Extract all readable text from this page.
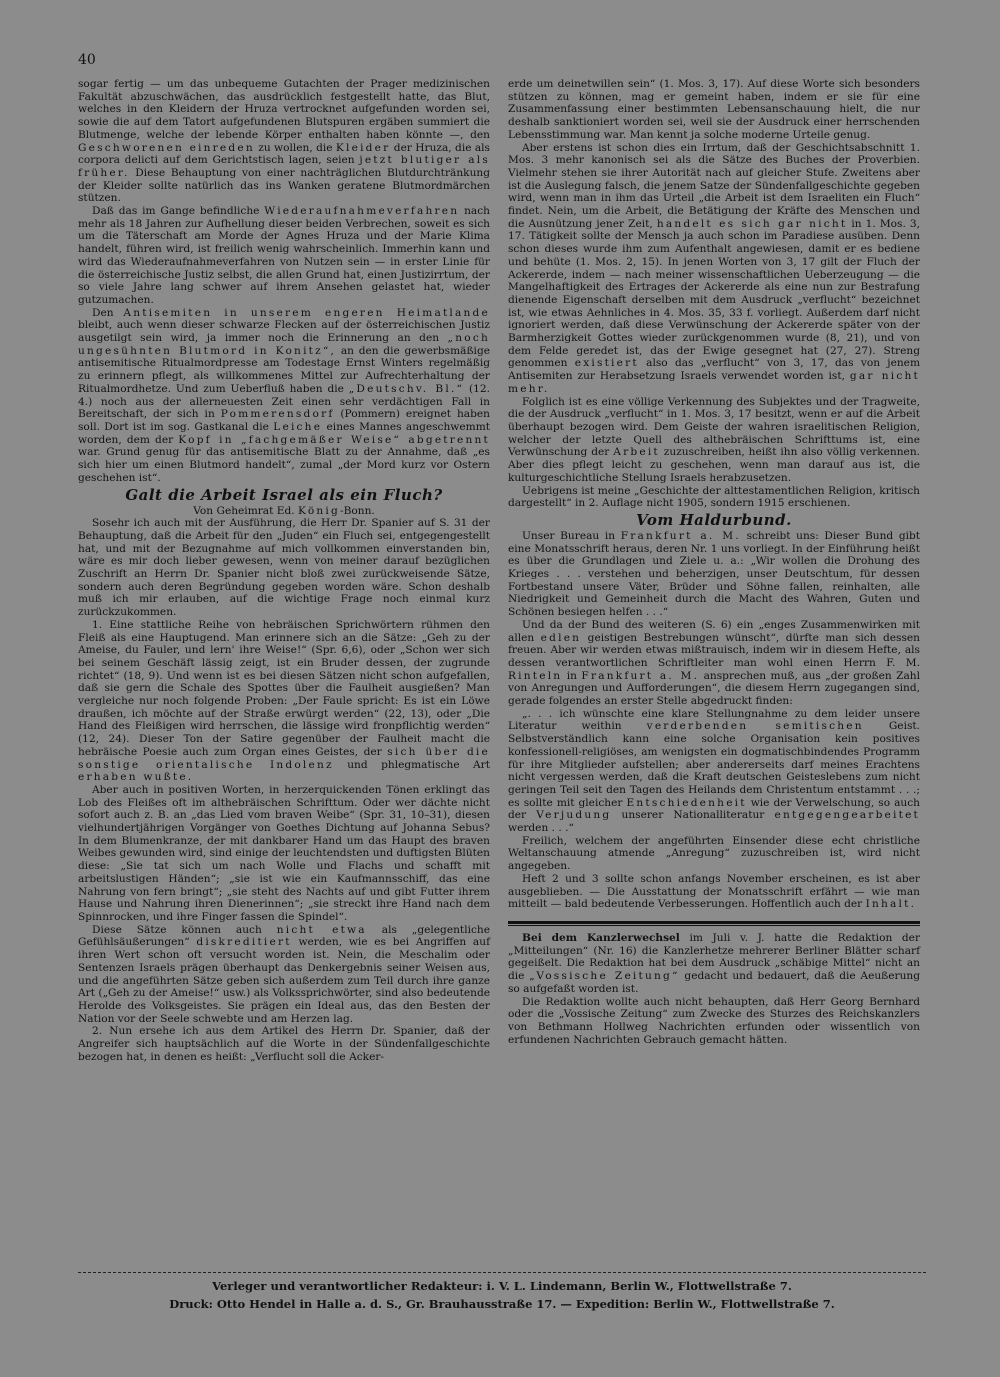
40

sogar fertig — um das unbequeme Gutachten der Prager medizinischen Fakultät abzuschwächen, das ausdrücklich festgestellt hatte, das Blut, welches in den Kleidern der Hruza vertrocknet aufgefunden worden sei, sowie die auf dem Tatort aufgefundenen Blutspuren ergäben summiert die Blutmenge, welche der lebende Körper enthalten haben könnte —, den Geschworenen einreden zu wollen, die Kleider der Hruza, die als corpora delicti auf dem Gerichtstisch lagen, seien jetzt blutiger als früher. Diese Behauptung von einer nachträglichen Blutdurchtränkung der Kleider sollte natürlich das ins Wanken geratene Blutmordmärchen stützen.

Daß das im Gange befindliche Wiederaufnahmeverfahren nach mehr als 18 Jahren zur Aufhellung dieser beiden Verbrechen, soweit es sich um die Täterschaft am Morde der Agnes Hruza und der Marie Klima handelt, führen wird, ist freilich wenig wahrscheinlich. Immerhin kann und wird das Wiederaufnahmeverfahren von Nutzen sein — in erster Linie für die österreichische Justiz selbst, die allen Grund hat, einen Justizirrtum, der so viele Jahre lang schwer auf ihrem Ansehen gelastet hat, wieder gutzumachen.

Den Antisemiten in unserem engeren Heimatlande bleibt, auch wenn dieser schwarze Flecken auf der österreichischen Justiz ausgetilgt sein wird, ja immer noch die Erinnerung an den „noch ungesühnten Blutmord in Konitz“, an den die gewerbsmäßige antisemitische Ritualmordpresse am Todestage Ernst Winters regelmäßig zu erinnern pflegt, als willkommenes Mittel zur Aufrechterhaltung der Ritualmordhetze. Und zum Ueberfluß haben die „Deutschv. Bl.“ (12. 4.) noch aus der allerneuesten Zeit einen sehr verdächtigen Fall in Bereitschaft, der sich in Pommerensdorf (Pommern) ereignet haben soll. Dort ist im sog. Gastkanal die Leiche eines Mannes angeschwemmt worden, dem der Kopf in „fachgemäßer Weise“ abgetrennt war. Grund genug für das antisemitische Blatt zu der Annahme, daß „es sich hier um einen Blutmord handelt“, zumal „der Mord kurz vor Ostern geschehen ist“.

Galt die Arbeit Israel als ein Fluch?

Von Geheimrat Ed. König-Bonn.

Sosehr ich auch mit der Ausführung, die Herr Dr. Spanier auf S. 31 der Behauptung, daß die Arbeit für den „Juden“ ein Fluch sei, entgegengestellt hat, und mit der Bezugnahme auf mich vollkommen einverstanden bin, wäre es mir doch lieber gewesen, wenn von meiner darauf bezüglichen Zuschrift an Herrn Dr. Spanier nicht bloß zwei zurückweisende Sätze, sondern auch deren Begründung gegeben worden wäre. Schon deshalb muß ich mir erlauben, auf die wichtige Frage noch einmal kurz zurückzukommen.

1. Eine stattliche Reihe von hebräischen Sprichwörtern rühmen den Fleiß als eine Hauptugend. Man erinnere sich an die Sätze: „Geh zu der Ameise, du Fauler, und lern' ihre Weise!“ (Spr. 6,6), oder „Schon wer sich bei seinem Geschäft lässig zeigt, ist ein Bruder dessen, der zugrunde richtet“ (18, 9). Und wenn ist es bei diesen Sätzen nicht schon aufgefallen, daß sie gern die Schale des Spottes über die Faulheit ausgießen? Man vergleiche nur noch folgende Proben: „Der Faule spricht: Es ist ein Löwe draußen, ich möchte auf der Straße erwürgt werden“ (22, 13), oder „Die Hand des Fleißigen wird herrschen, die lässige wird fronpflichtig werden“ (12, 24). Dieser Ton der Satire gegenüber der Faulheit macht die hebräische Poesie auch zum Organ eines Geistes, der sich über die sonstige orientalische Indolenz und phlegmatische Art erhaben wußte.

Aber auch in positiven Worten, in herzerquickenden Tönen erklingt das Lob des Fleißes oft im althebräischen Schrifttum. Oder wer dächte nicht sofort auch z. B. an „das Lied vom braven Weibe“ (Spr. 31, 10–31), diesen vielhundertjährigen Vorgänger von Goethes Dichtung auf Johanna Sebus? In dem Blumenkranze, der mit dankbarer Hand um das Haupt des braven Weibes gewunden wird, sind einige der leuchtendsten und duftigsten Blüten diese: „Sie tat sich um nach Wolle und Flachs und schafft mit arbeitslustigen Händen“; „sie ist wie ein Kaufmannsschiff, das eine Nahrung von fern bringt“; „sie steht des Nachts auf und gibt Futter ihrem Hause und Nahrung ihren Dienerinnen“; „sie streckt ihre Hand nach dem Spinnrocken, und ihre Finger fassen die Spindel“.

Diese Sätze können auch nicht etwa als „gelegentliche Gefühlsäußerungen“ diskreditiert werden, wie es bei Angriffen auf ihren Wert schon oft versucht worden ist. Nein, die Meschalim oder Sentenzen Israels prägen überhaupt das Denkergebnis seiner Weisen aus, und die angeführten Sätze geben sich außerdem zum Teil durch ihre ganze Art („Geh zu der Ameise!“ usw.) als Volkssprichwörter, sind also bedeutende Herolde des Volksgeistes. Sie prägen ein Ideal aus, das den Besten der Nation vor der Seele schwebte und am Herzen lag.

2. Nun ersehe ich aus dem Artikel des Herrn Dr. Spanier, daß der Angreifer sich hauptsächlich auf die Worte in der Sündenfallgeschichte bezogen hat, in denen es heißt: „Verflucht soll die Acker-

erde um deinetwillen sein“ (1. Mos. 3, 17). Auf diese Worte sich besonders stützen zu können, mag er gemeint haben, indem er sie für eine Zusammenfassung einer bestimmten Lebensanschauung hielt, die nur deshalb sanktioniert worden sei, weil sie der Ausdruck einer herrschenden Lebensstimmung war. Man kennt ja solche moderne Urteile genug.

Aber erstens ist schon dies ein Irrtum, daß der Geschichtsabschnitt 1. Mos. 3 mehr kanonisch sei als die Sätze des Buches der Proverbien. Vielmehr stehen sie ihrer Autorität nach auf gleicher Stufe. Zweitens aber ist die Auslegung falsch, die jenem Satze der Sündenfallgeschichte gegeben wird, wenn man in ihm das Urteil „die Arbeit ist dem Israeliten ein Fluch“ findet. Nein, um die Arbeit, die Betätigung der Kräfte des Menschen und die Ausnützung jener Zeit, handelt es sich gar nicht in 1. Mos. 3, 17. Tätigkeit sollte der Mensch ja auch schon im Paradiese ausüben. Denn schon dieses wurde ihm zum Aufenthalt angewiesen, damit er es bediene und behüte (1. Mos. 2, 15). In jenen Worten von 3, 17 gilt der Fluch der Ackererde, indem — nach meiner wissenschaftlichen Ueberzeugung — die Mangelhaftigkeit des Ertrages der Ackererde als eine nun zur Bestrafung dienende Eigenschaft derselben mit dem Ausdruck „verflucht“ bezeichnet ist, wie etwas Aehnliches in 4. Mos. 35, 33 f. vorliegt. Außerdem darf nicht ignoriert werden, daß diese Verwünschung der Ackererde später von der Barmherzigkeit Gottes wieder zurückgenommen wurde (8, 21), und von dem Felde geredet ist, das der Ewige gesegnet hat (27, 27). Streng genommen existiert also das „verflucht“ von 3, 17, das von jenem Antisemiten zur Herabsetzung Israels verwendet worden ist, gar nicht mehr.

Folglich ist es eine völlige Verkennung des Subjektes und der Tragweite, die der Ausdruck „verflucht“ in 1. Mos. 3, 17 besitzt, wenn er auf die Arbeit überhaupt bezogen wird. Dem Geiste der wahren israelitischen Religion, welcher der letzte Quell des althebräischen Schrifttums ist, eine Verwünschung der Arbeit zuzuschreiben, heißt ihn also völlig verkennen. Aber dies pflegt leicht zu geschehen, wenn man darauf aus ist, die kulturgeschichtliche Stellung Israels herabzusetzen.

Uebrigens ist meine „Geschichte der alttestamentlichen Religion, kritisch dargestellt“ in 2. Auflage nicht 1905, sondern 1915 erschienen.

Vom Haldurbund.

Unser Bureau in Frankfurt a. M. schreibt uns: Dieser Bund gibt eine Monatsschrift heraus, deren Nr. 1 uns vorliegt. In der Einführung heißt es über die Grundlagen und Ziele u. a.: „Wir wollen die Drohung des Krieges . . . verstehen und beherzigen, unser Deutschtum, für dessen Fortbestand unsere Väter, Brüder und Söhne fallen, reinhalten, alle Niedrigkeit und Gemeinheit durch die Macht des Wahren, Guten und Schönen besiegen helfen . . .“

Und da der Bund des weiteren (S. 6) ein „enges Zusammenwirken mit allen edlen geistigen Bestrebungen wünscht“, dürfte man sich dessen freuen. Aber wir werden etwas mißtrauisch, indem wir in diesem Hefte, als dessen verantwortlichen Schriftleiter man wohl einen Herrn F. M. Rinteln in Frankfurt a. M. ansprechen muß, aus „der großen Zahl von Anregungen und Aufforderungen“, die diesem Herrn zugegangen sind, gerade folgendes an erster Stelle abgedruckt finden:

„. . . ich wünschte eine klare Stellungnahme zu dem leider unsere Literatur weithin verderbenden semitischen Geist. Selbstverständlich kann eine solche Organisation kein positives konfessionell-religiöses, am wenigsten ein dogmatischbindendes Programm für ihre Mitglieder aufstellen; aber andererseits darf meines Erachtens nicht vergessen werden, daß die Kraft deutschen Geisteslebens zum nicht geringen Teil seit den Tagen des Heilands dem Christentum entstammt . . .; es sollte mit gleicher Entschiedenheit wie der Verwelschung, so auch der Verjudung unserer Nationalliteratur entgegengearbeitet werden . . .“

Freilich, welchem der angeführten Einsender diese echt christliche Weltanschauung atmende „Anregung“ zuzuschreiben ist, wird nicht angegeben.

Heft 2 und 3 sollte schon anfangs November erscheinen, es ist aber ausgeblieben. — Die Ausstattung der Monatsschrift erfährt — wie man mitteilt — bald bedeutende Verbesserungen. Hoffentlich auch der Inhalt.

Bei dem Kanzlerwechsel im Juli v. J. hatte die Redaktion der „Mitteilungen“ (Nr. 16) die Kanzlerhetze mehrerer Berliner Blätter scharf gegeißelt. Die Redaktion hat bei dem Ausdruck „schäbige Mittel“ nicht an die „Vossische Zeitung“ gedacht und bedauert, daß die Aeußerung so aufgefaßt worden ist.

Die Redaktion wollte auch nicht behaupten, daß Herr Georg Bernhard oder die „Vossische Zeitung“ zum Zwecke des Sturzes des Reichskanzlers von Bethmann Hollweg Nachrichten erfunden oder wissentlich von erfundenen Nachrichten Gebrauch gemacht hätten.

Verleger und verantwortlicher Redakteur: i. V. L. Lindemann, Berlin W., Flottwellstraße 7.
Druck: Otto Hendel in Halle a. d. S., Gr. Brauhausstraße 17. — Expedition: Berlin W., Flottwellstraße 7.
